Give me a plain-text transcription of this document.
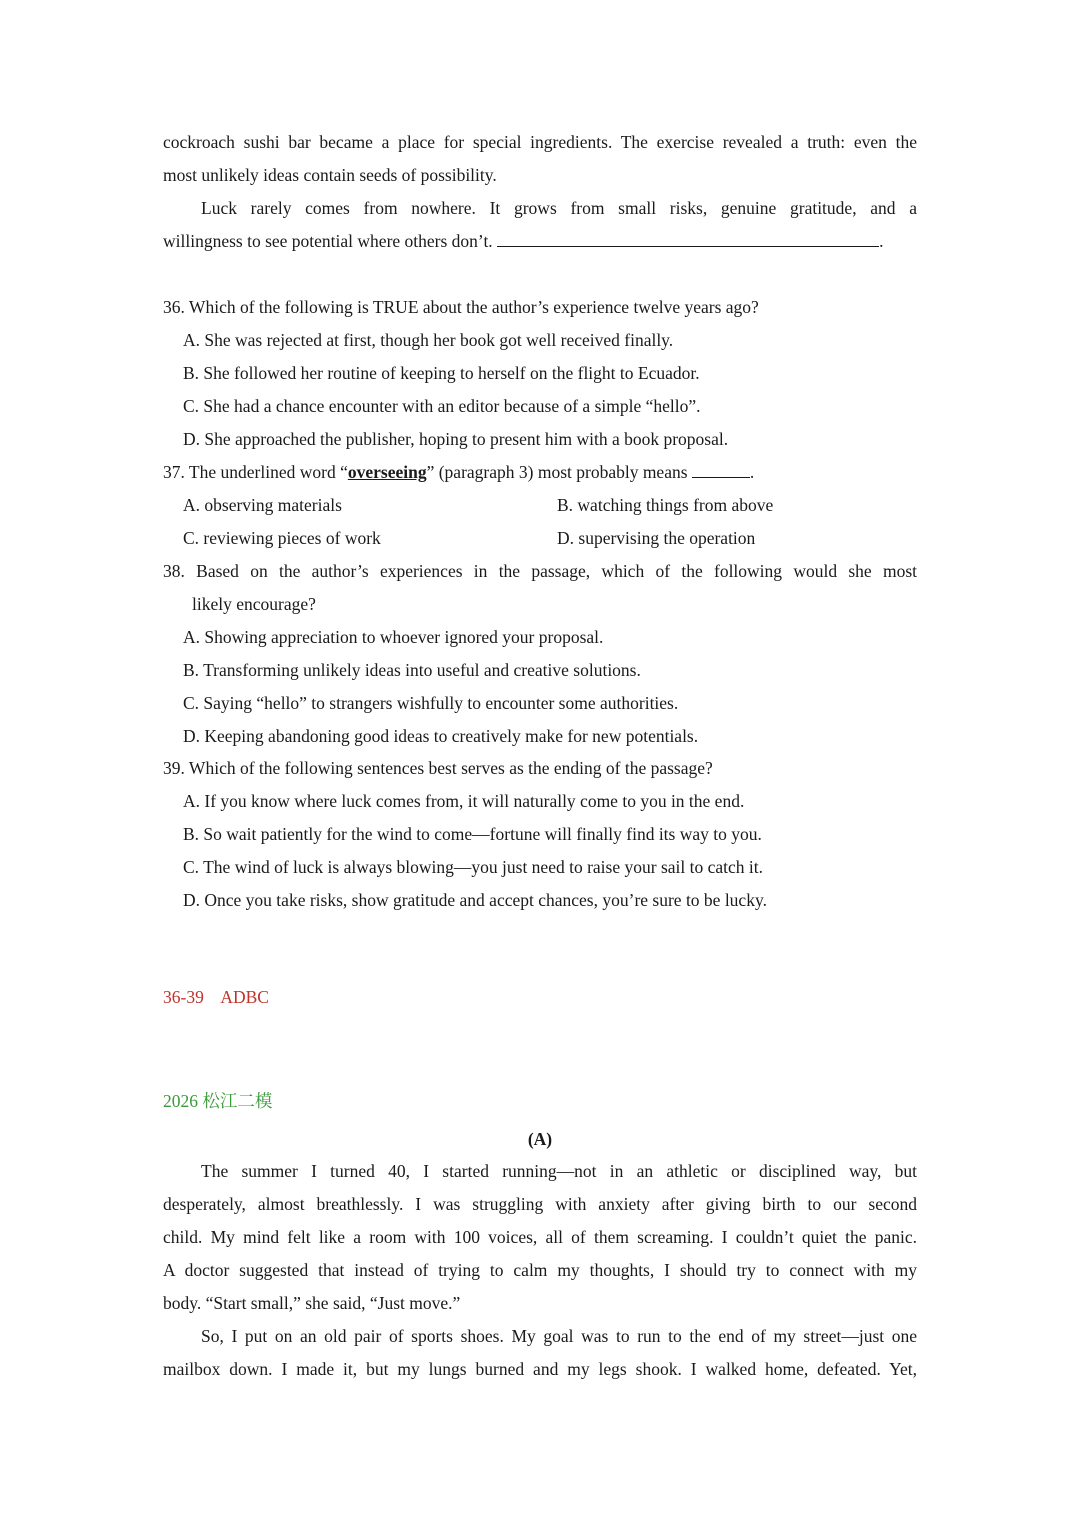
cockroach sushi bar became a place for special ingredients. The exercise revealed a truth: even the
most unlikely ideas contain seeds of possibility.
Luck rarely comes from nowhere. It grows from small risks, genuine gratitude, and a
willingness to see potential where others don’t.	.
36. Which of the following is TRUE about the author’s experience twelve years ago?
A. She was rejected at first, though her book got well received finally.
B. She followed her routine of keeping to herself on the flight to Ecuador.
C. She had a chance encounter with an editor because of a simple “hello”.
D. She approached the publisher, hoping to present him with a book proposal.
37. The underlined word “overseeing” (paragraph 3) most probably means	.
A. observing materials	B. watching things from above
C. reviewing pieces of work	D. supervising the operation
38. Based on the author’s experiences in the passage, which of the following would she most
likely encourage?
A. Showing appreciation to whoever ignored your proposal.
B. Transforming unlikely ideas into useful and creative solutions.
C. Saying “hello” to strangers wishfully to encounter some authorities.
D. Keeping abandoning good ideas to creatively make for new potentials.
39. Which of the following sentences best serves as the ending of the passage?
A. If you know where luck comes from, it will naturally come to you in the end.
B. So wait patiently for the wind to come—fortune will finally find its way to you.
C. The wind of luck is always blowing—you just need to raise your sail to catch it.
D. Once you take risks, show gratitude and accept chances, you’re sure to be lucky.
36-39    ADBC
2026 松江二模
(A)
The summer I turned 40, I started running—not in an athletic or disciplined way, but
desperately, almost breathlessly. I was struggling with anxiety after giving birth to our second
child. My mind felt like a room with 100 voices, all of them screaming. I couldn’t quiet the panic.
A doctor suggested that instead of trying to calm my thoughts, I should try to connect with my
body. “Start small,” she said, “Just move.”
So, I put on an old pair of sports shoes. My goal was to run to the end of my street—just one
mailbox down. I made it, but my lungs burned and my legs shook. I walked home, defeated. Yet,
